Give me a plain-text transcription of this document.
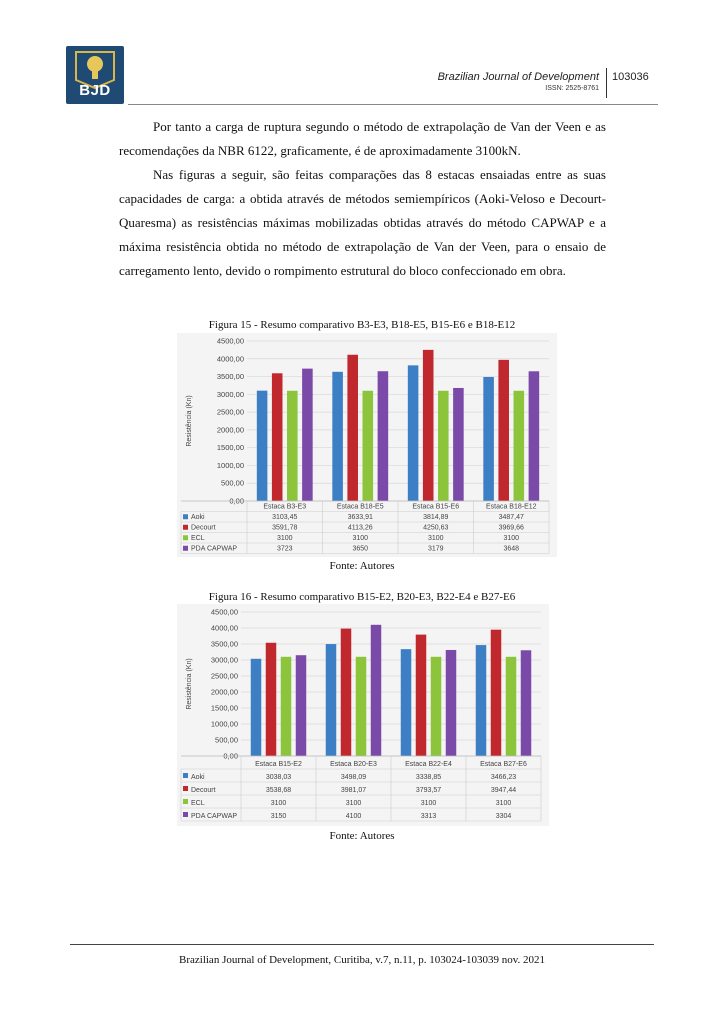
BJD
Brazilian Journal of Development
ISSN: 2525-8761
103036

Por tanto a carga de ruptura segundo o método de extrapolação de Van der Veen e as recomendações da NBR 6122, graficamente, é de aproximadamente 3100kN.

Nas figuras a seguir, são feitas comparações das 8 estacas ensaiadas entre as suas capacidades de carga: a obtida através de métodos semiempíricos (Aoki-Veloso e Decourt-Quaresma) as resistências máximas mobilizadas obtidas através do método CAPWAP e a máxima resistência obtida no método de extrapolação de Van der Veen, para o ensaio de carregamento lento, devido o rompimento estrutural do bloco confeccionado em obra.

Figura 15 - Resumo comparativo B3-E3, B18-E5, B15-E6 e B18-E12
Resistência (Kn)
0,00
500,00
1000,00
1500,00
2000,00
2500,00
3000,00
3500,00
4000,00
4500,00
Estaca B3-E3	Estaca B18-E5	Estaca B15-E6	Estaca B18-E12
Aoki	3103,45	3633,91	3814,89	3487,47
Decourt	3591,78	4113,26	4250,63	3969,66
ECL	3100	3100	3100	3100
PDA CAPWAP	3723	3650	3179	3648
Fonte: Autores
Figura 16 - Resumo comparativo B15-E2, B20-E3, B22-E4 e B27-E6
Resistência (Kn)
0,00
500,00
1000,00
1500,00
2000,00
2500,00
3000,00
3500,00
4000,00
4500,00
Estaca B15-E2	Estaca B20-E3	Estaca B22-E4	Estaca B27-E6
Aoki	3038,03	3498,09	3338,85	3466,23
Decourt	3538,68	3981,07	3793,57	3947,44
ECL	3100	3100	3100	3100
PDA CAPWAP	3150	4100	3313	3304
Fonte: Autores
Brazilian Journal of Development, Curitiba, v.7, n.11, p. 103024-103039 nov. 2021
